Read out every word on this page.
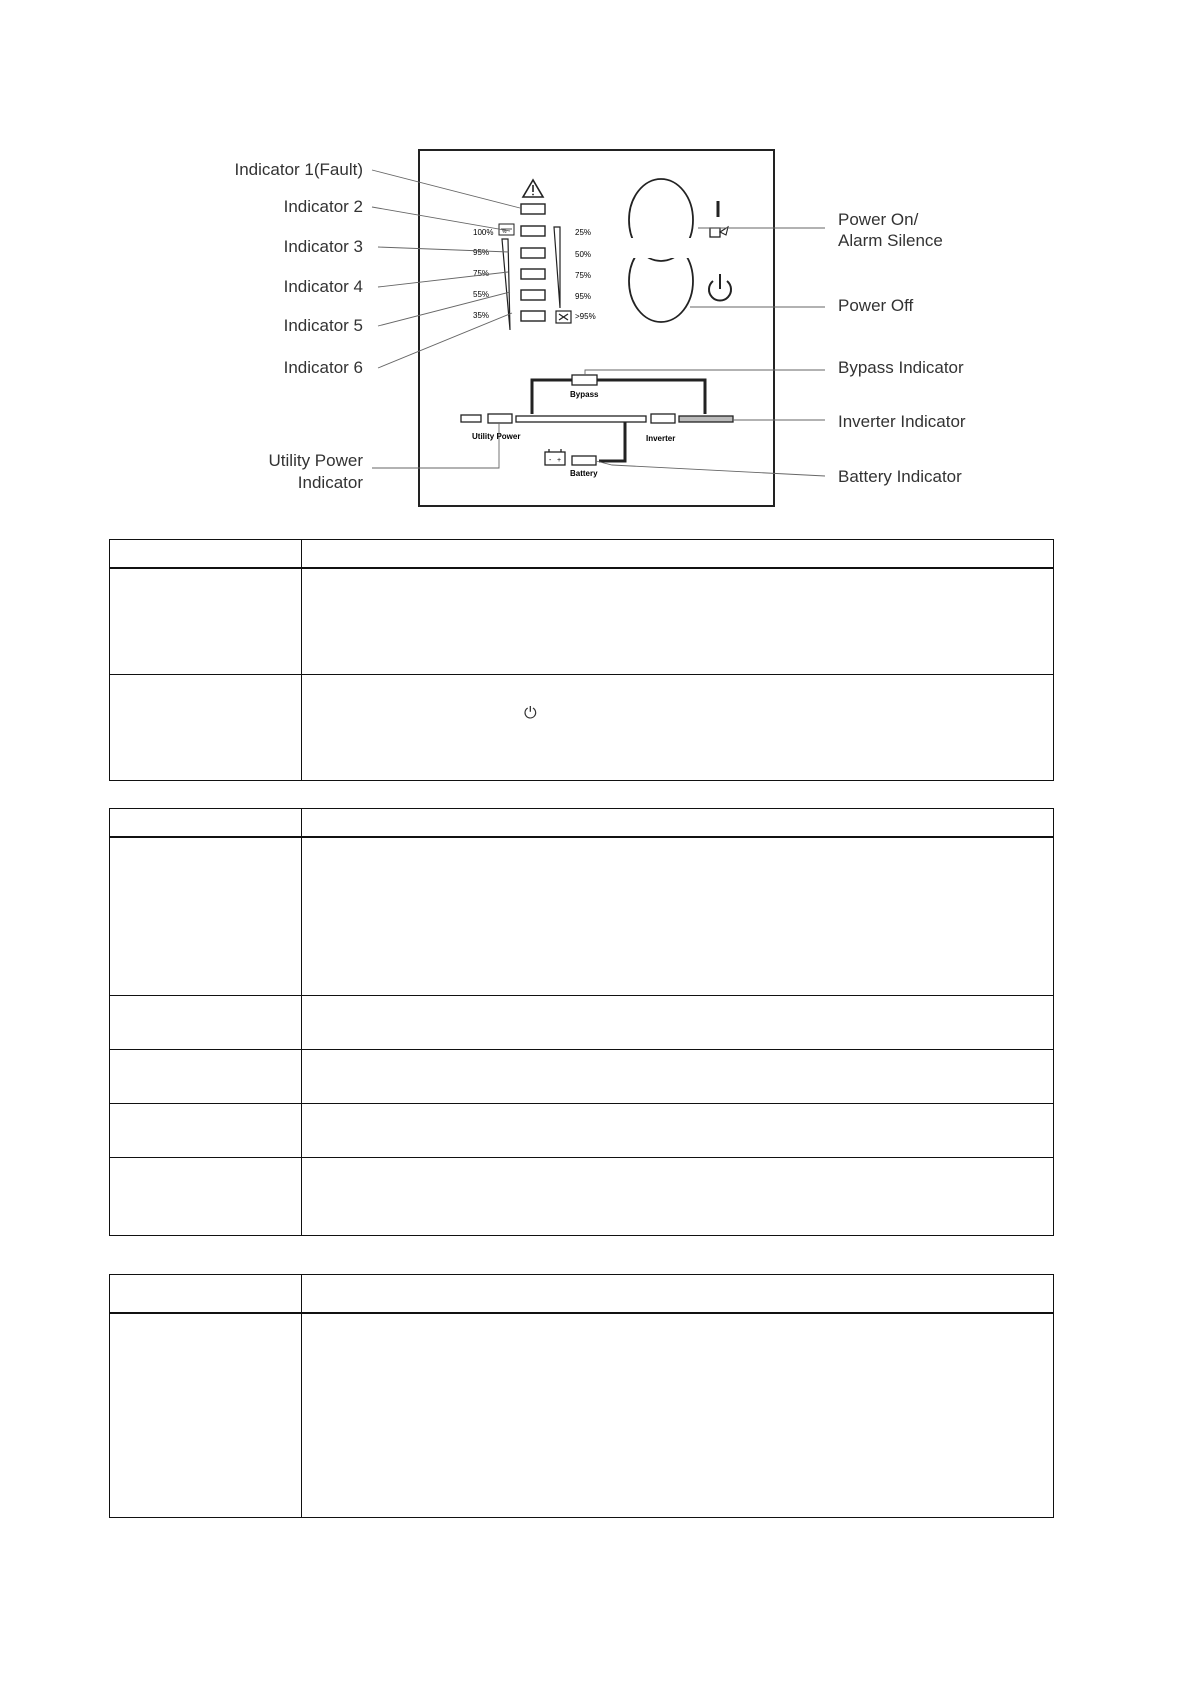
100%
95%
75%
55%
35%
%	25%
50%
75%
95%
>95%
Bypass
Utility Power	Inverter
- +
Battery
Indicator 1(Fault)
Indicator 2
Indicator 3
Indicator 4
Indicator 5
Indicator 6
Utility Power
Indicator
Power On/
Alarm Silence
Power Off
Bypass Indicator
Inverter Indicator
Battery Indicator
⏻
